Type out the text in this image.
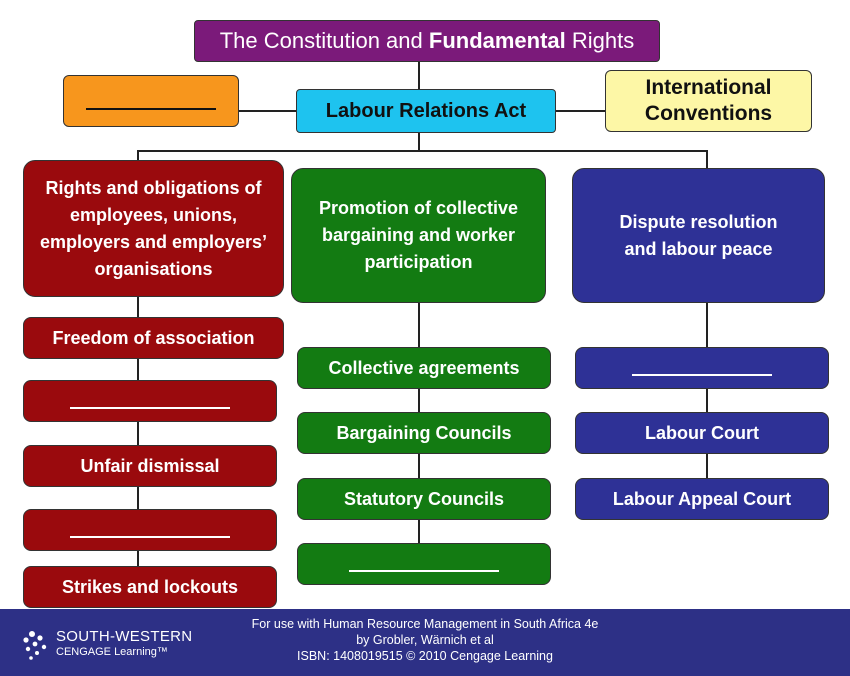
The Constitution and Fundamental Rights
Labour Relations Act
International
Conventions
Rights and obligations of employees, unions, employers and employers’ organisations
Promotion of collective bargaining and worker participation
Dispute resolution and labour peace
Freedom of association
Unfair dismissal
Strikes and lockouts
Collective agreements
Bargaining Councils
Statutory Councils
Labour Court
Labour Appeal Court
SOUTH-WESTERN
CENGAGE Learning™
For use with Human Resource Management in South Africa 4e
by Grobler, Wärnich et al
ISBN: 1408019515 © 2010 Cengage Learning
